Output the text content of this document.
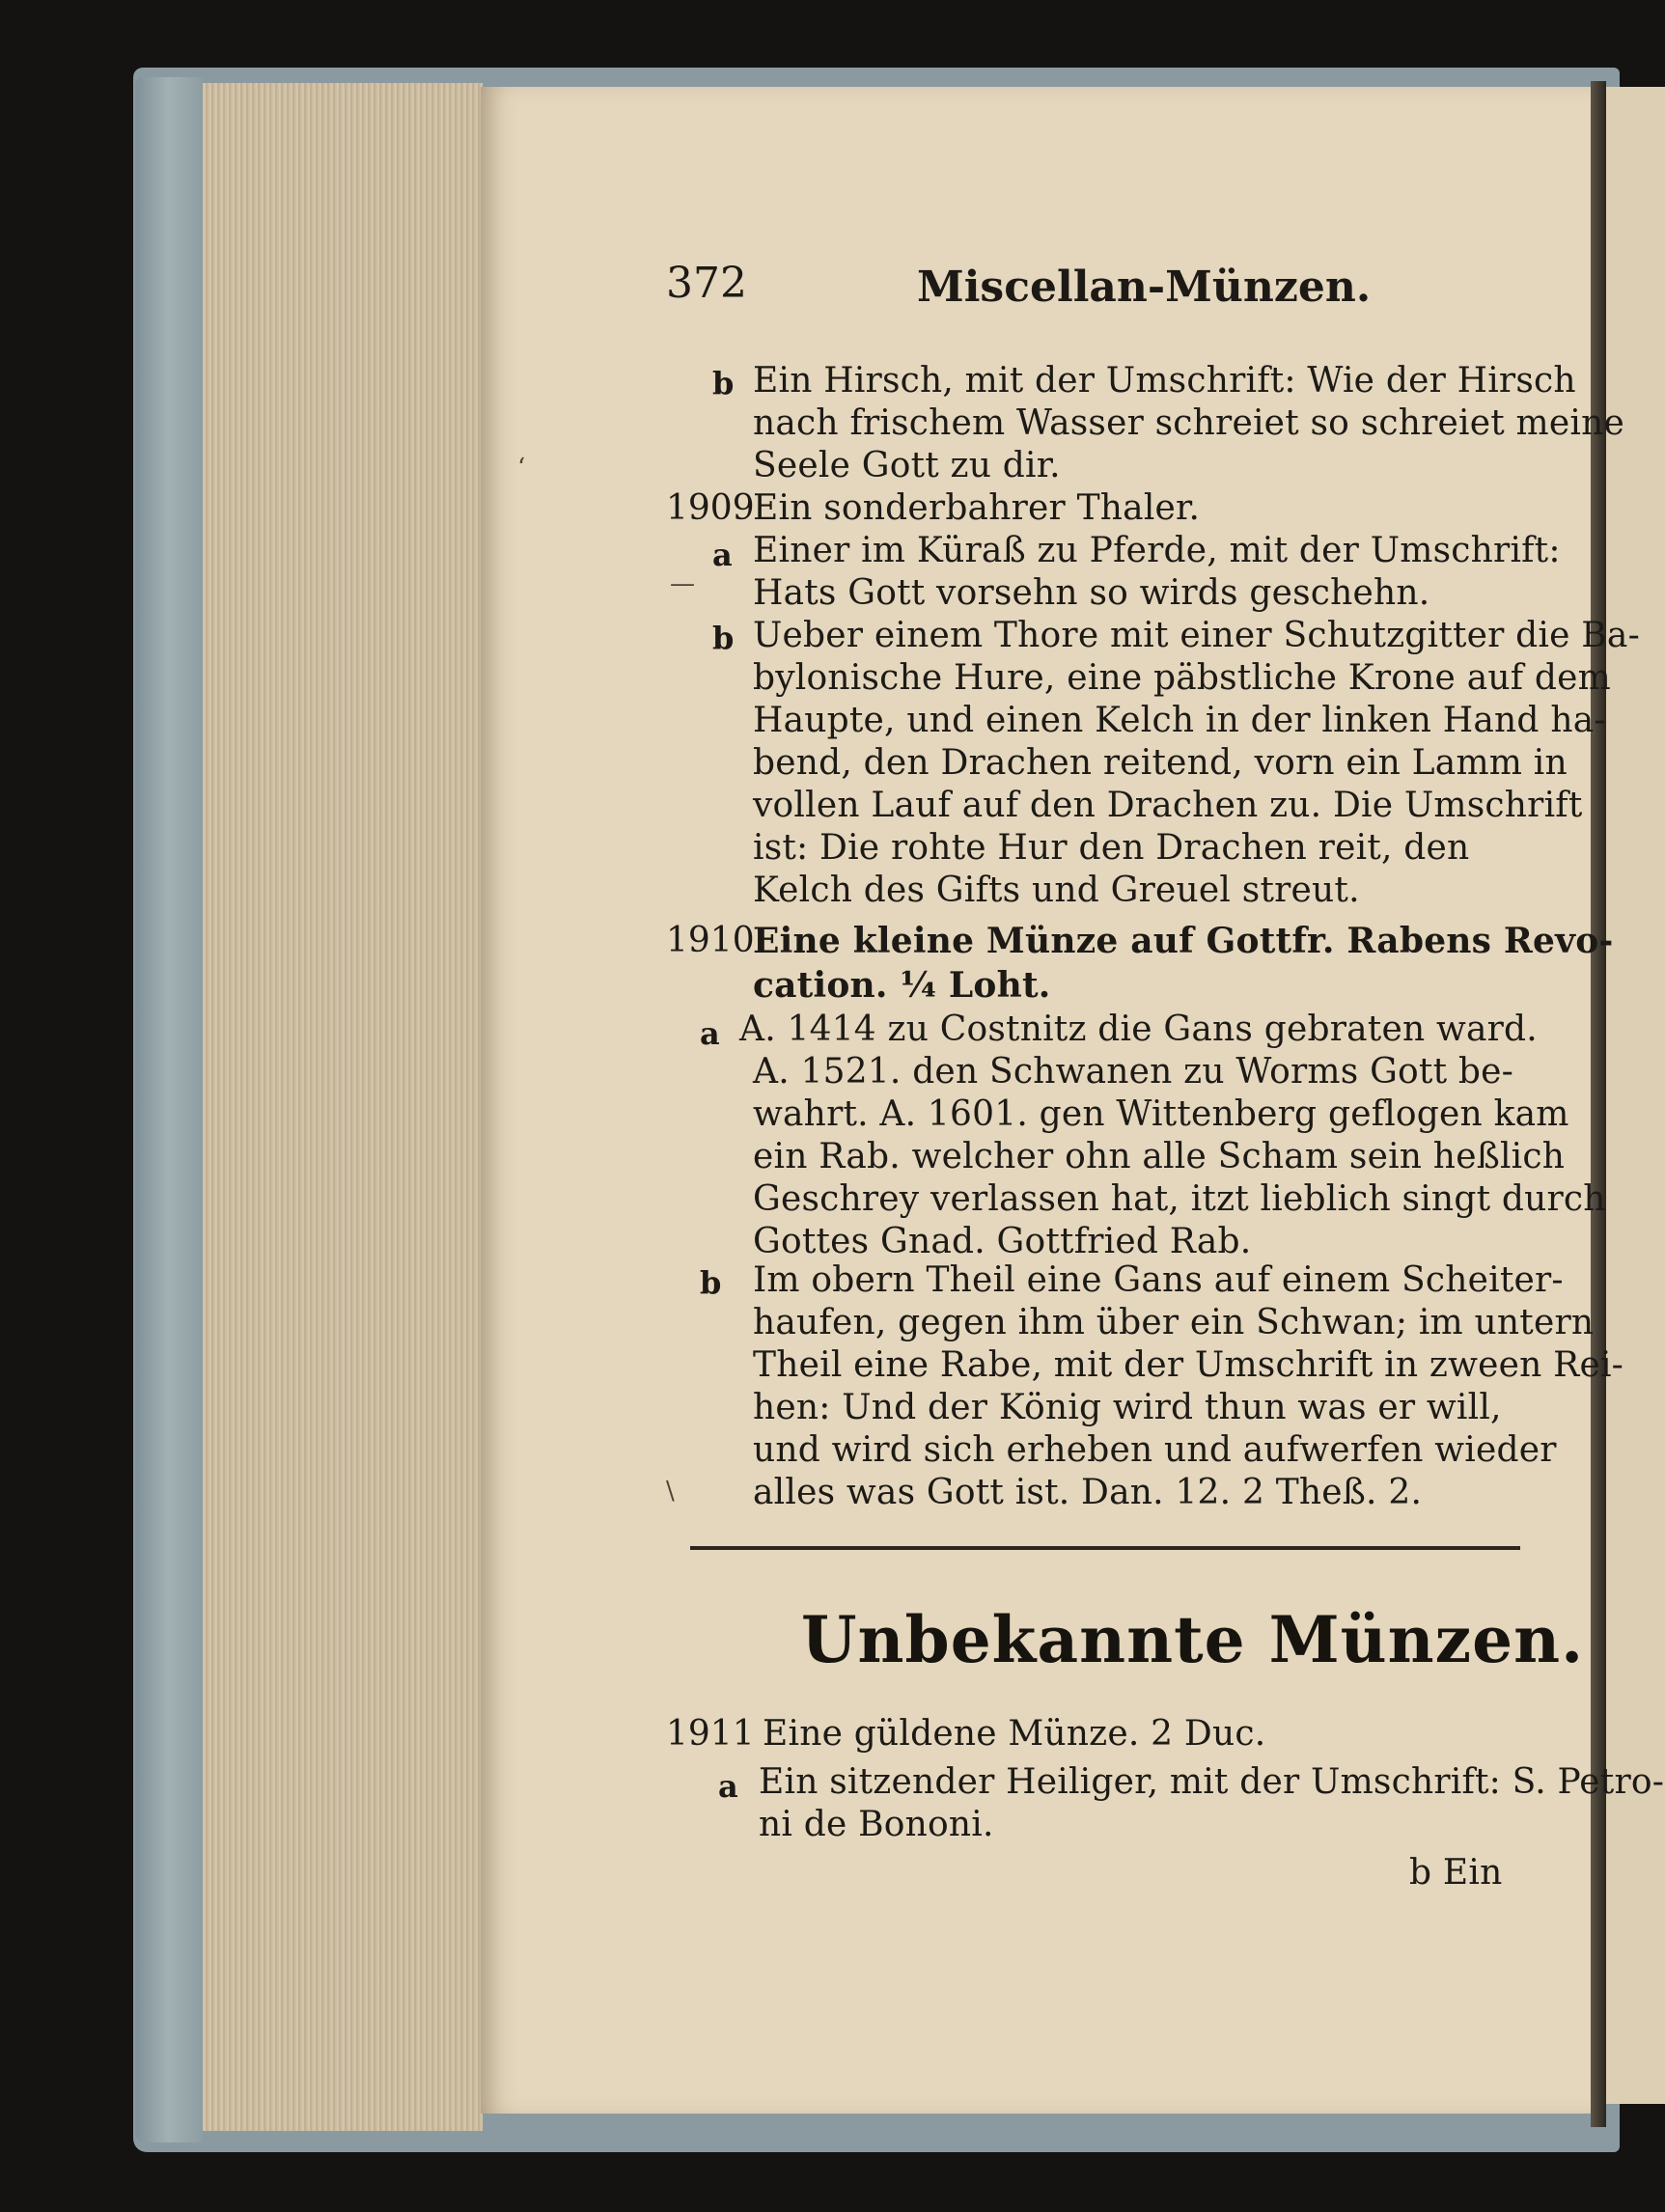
372	Miscellan-Münzen.
b Ein Hirsch, mit der Umschrift: Wie der Hirsch
nach frischem Wasser schreiet so schreiet meine
Seele Gott zu dir.
1909
Ein sonderbahrer Thaler.
a Einer im Küraß zu Pferde, mit der Umschrift:
Hats Gott vorsehn so wirds geschehn.
b Ueber einem Thore mit einer Schutzgitter die Ba-
bylonische Hure, eine päbstliche Krone auf dem
Haupte, und einen Kelch in der linken Hand ha-
bend, den Drachen reitend, vorn ein Lamm in
vollen Lauf auf den Drachen zu. Die Umschrift
ist: Die rohte Hur den Drachen reit, den
Kelch des Gifts und Greuel streut.
1910
Eine kleine Münze auf Gottfr. Rabens Revo-
cation. ¼ Loht.
a A. 1414 zu Costnitz die Gans gebraten ward.
A. 1521. den Schwanen zu Worms Gott be-
wahrt. A. 1601. gen Wittenberg geflogen kam
ein Rab. welcher ohn alle Scham sein heßlich
Geschrey verlassen hat, itzt lieblich singt durch
Gottes Gnad. Gottfried Rab.
b Im obern Theil eine Gans auf einem Scheiter-
haufen, gegen ihm über ein Schwan; im untern
Theil eine Rabe, mit der Umschrift in zween Rei-
hen: Und der König wird thun was er will,
und wird sich erheben und aufwerfen wieder
alles was Gott ist. Dan. 12. 2 Theß. 2.
‘
—
\
Unbekannte Münzen.
1911 Eine güldene Münze. 2 Duc.
a Ein sitzender Heiliger, mit der Umschrift: S. Petro-
ni de Bononi.
b Ein
